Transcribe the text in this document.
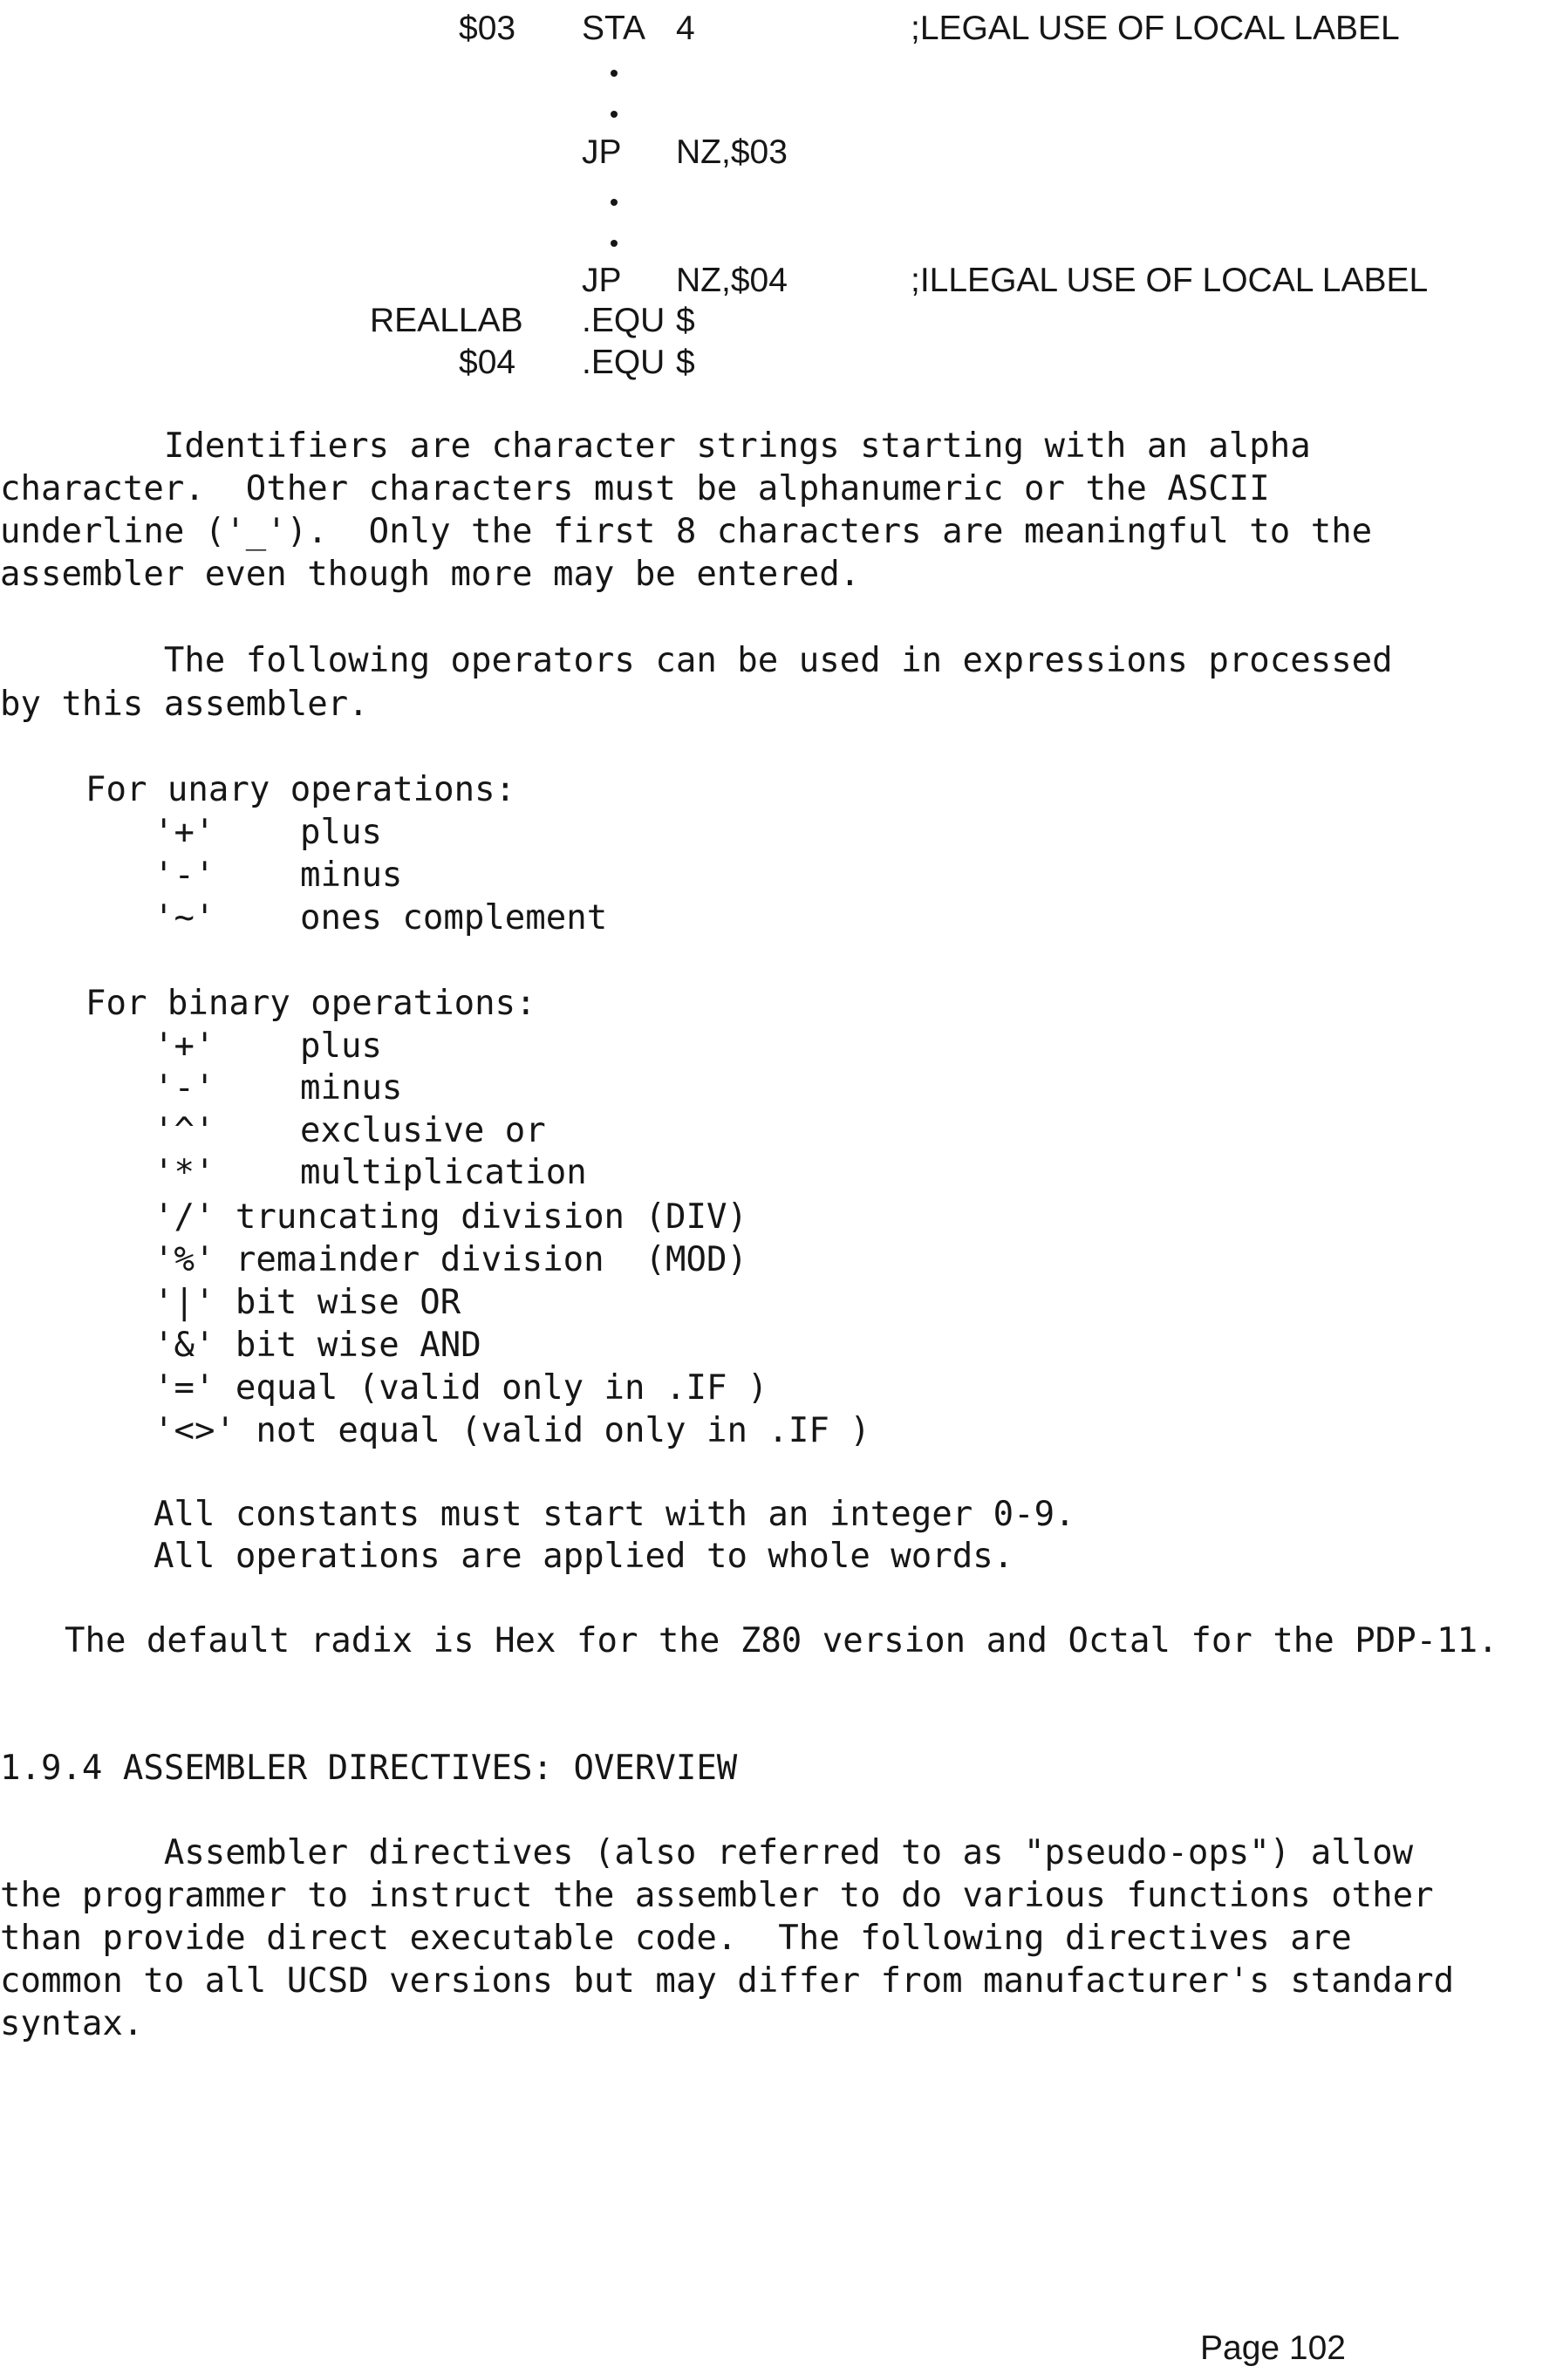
$03 STA 4	;LEGAL USE OF LOCAL LABEL
JP NZ,$03
JP NZ,$04	;ILLEGAL USE OF LOCAL LABEL
REALLAB .EQU $
$04 .EQU $
Identifiers are character strings starting with an alpha
character.  Other characters must be alphanumeric or the ASCII
underline ('_').  Only the first 8 characters are meaningful to the
assembler even though more may be entered.
The following operators can be used in expressions processed
by this assembler.
For unary operations:
'+'	plus
'-'	minus
'~'	ones complement
For binary operations:
'+'	plus
'-'	minus
'^'	exclusive or
'*'	multiplication
'/' truncating division (DIV)
'%' remainder division  (MOD)
'|' bit wise OR
'&' bit wise AND
'=' equal (valid only in .IF )
'<>' not equal (valid only in .IF )
All constants must start with an integer 0-9.
All operations are applied to whole words.
The default radix is Hex for the Z80 version and Octal for the PDP-11.
1.9.4 ASSEMBLER DIRECTIVES: OVERVIEW
Assembler directives (also referred to as "pseudo-ops") allow
the programmer to instruct the assembler to do various functions other
than provide direct executable code.  The following directives are
common to all UCSD versions but may differ from manufacturer's standard
syntax.
Page 102
